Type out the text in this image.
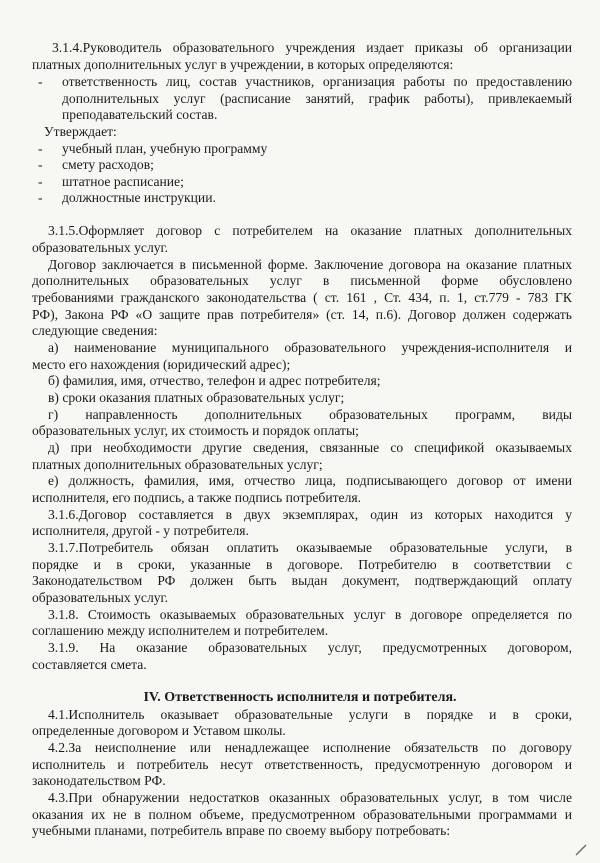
3.1.4.Руководитель образовательного учреждения издает приказы об организации
платных дополнительных услуг в учреждении, в которых определяются:
- ответственность лиц, состав участников, организация работы по предоставлению
дополнительных услуг (расписание занятий, график работы), привлекаемый
преподавательский состав.
Утверждает:
- учебный план, учебную программу
- смету расходов;
- штатное расписание;
- должностные инструкции.
3.1.5.Оформляет договор с потребителем на оказание платных дополнительных
образовательных услуг.
Договор заключается в письменной форме. Заключение договора на оказание платных
дополнительных образовательных услуг в письменной форме обусловлено
требованиями гражданского законодательства ( ст. 161 , Ст. 434, п. 1, ст.779 - 783 ГК
РФ), Закона РФ «О защите прав потребителя» (ст. 14, п.6). Договор должен содержать
следующие сведения:
а) наименование муниципального образовательного учреждения-исполнителя и
место его нахождения (юридический адрес);
б) фамилия, имя, отчество, телефон и адрес потребителя;
в) сроки оказания платных образовательных услуг;
г) направленность дополнительных образовательных программ, виды
образовательных услуг, их стоимость и порядок оплаты;
д) при необходимости другие сведения, связанные со спецификой оказываемых
платных дополнительных образовательных услуг;
е) должность, фамилия, имя, отчество лица, подписывающего договор от имени
исполнителя, его подпись, а также подпись потребителя.
3.1.6.Договор составляется в двух экземплярах, один из которых находится у
исполнителя, другой - у потребителя.
3.1.7.Потребитель обязан оплатить оказываемые образовательные услуги, в
порядке и в сроки, указанные в договоре. Потребителю в соответствии с
Законодательством РФ должен быть выдан документ, подтверждающий оплату
образовательных услуг.
3.1.8. Стоимость оказываемых образовательных услуг в договоре определяется по
соглашению между исполнителем и потребителем.
3.1.9. На оказание образовательных услуг, предусмотренных договором,
составляется смета.
IV. Ответственность исполнителя и потребителя.
4.1.Исполнитель оказывает образовательные услуги в порядке и в сроки,
определенные договором и Уставом школы.
4.2.За неисполнение или ненадлежащее исполнение обязательств по договору
исполнитель и потребитель несут ответственность, предусмотренную договором и
законодательством РФ.
4.3.При обнаружении недостатков оказанных образовательных услуг, в том числе
оказания их не в полном объеме, предусмотренном образовательными программами и
учебными планами, потребитель вправе по своему выбору потребовать:
